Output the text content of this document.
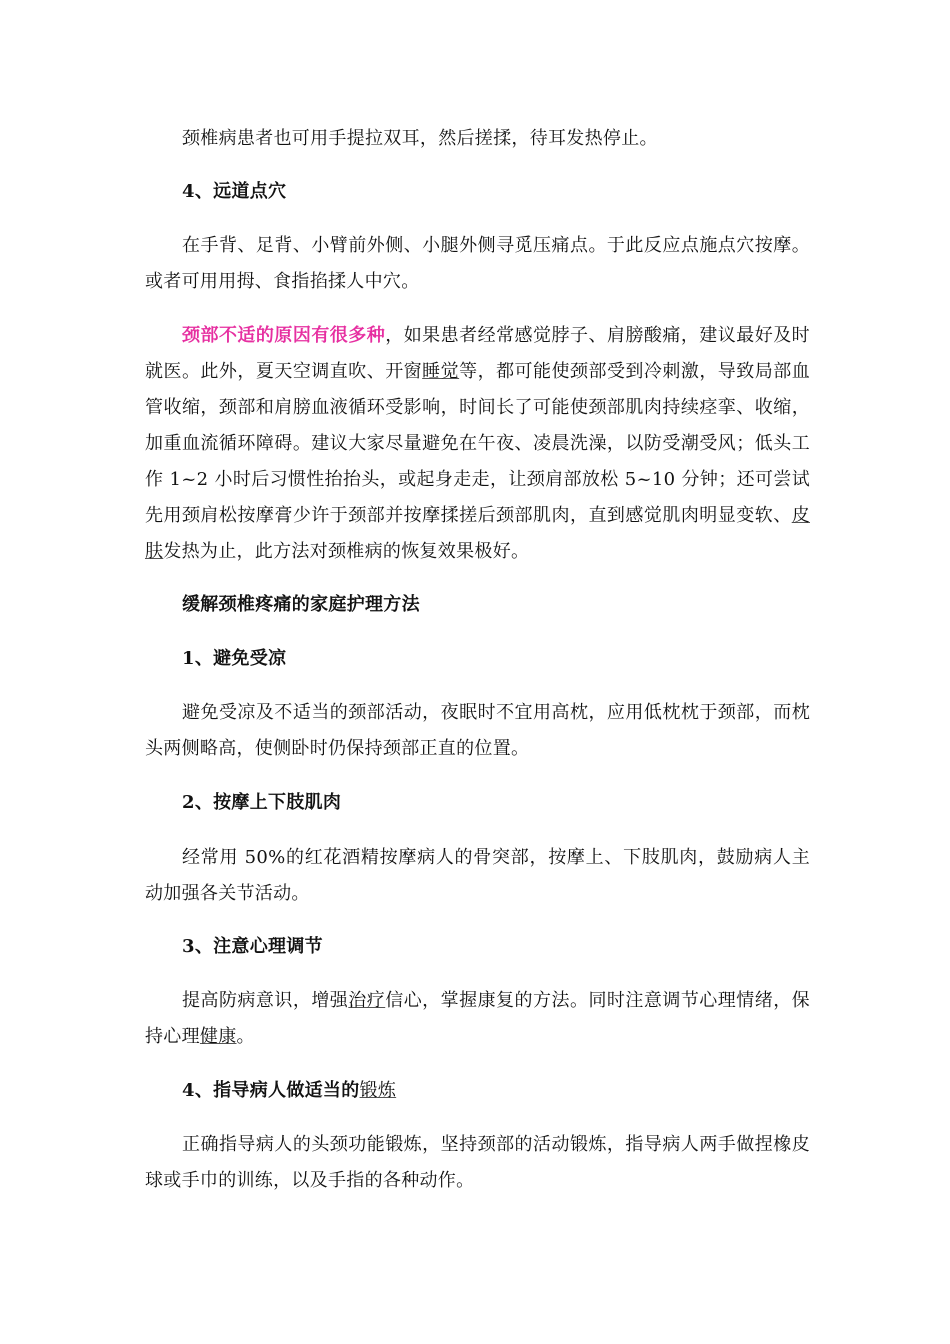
颈椎病患者也可用手提拉双耳，然后搓揉，待耳发热停止。

4、远道点穴

在手背、足背、小臂前外侧、小腿外侧寻觅压痛点。于此反应点施点穴按摩。或者可用用拇、食指掐揉人中穴。

颈部不适的原因有很多种，如果患者经常感觉脖子、肩膀酸痛，建议最好及时就医。此外，夏天空调直吹、开窗睡觉等，都可能使颈部受到冷刺激，导致局部血管收缩，颈部和肩膀血液循环受影响，时间长了可能使颈部肌肉持续痉挛、收缩，加重血流循环障碍。建议大家尽量避免在午夜、凌晨洗澡，以防受潮受风；低头工作 1~2 小时后习惯性抬抬头，或起身走走，让颈肩部放松 5~10 分钟；还可尝试先用颈肩松按摩膏少许于颈部并按摩揉搓后颈部肌肉，直到感觉肌肉明显变软、皮肤发热为止，此方法对颈椎病的恢复效果极好。

缓解颈椎疼痛的家庭护理方法

1、避免受凉

避免受凉及不适当的颈部活动，夜眠时不宜用高枕，应用低枕枕于颈部，而枕头两侧略高，使侧卧时仍保持颈部正直的位置。

2、按摩上下肢肌肉

经常用 50%的红花酒精按摩病人的骨突部，按摩上、下肢肌肉，鼓励病人主动加强各关节活动。

3、注意心理调节

提高防病意识，增强治疗信心，掌握康复的方法。同时注意调节心理情绪，保持心理健康。

4、指导病人做适当的锻炼

正确指导病人的头颈功能锻炼，坚持颈部的活动锻炼，指导病人两手做捏橡皮球或手巾的训练，以及手指的各种动作。
